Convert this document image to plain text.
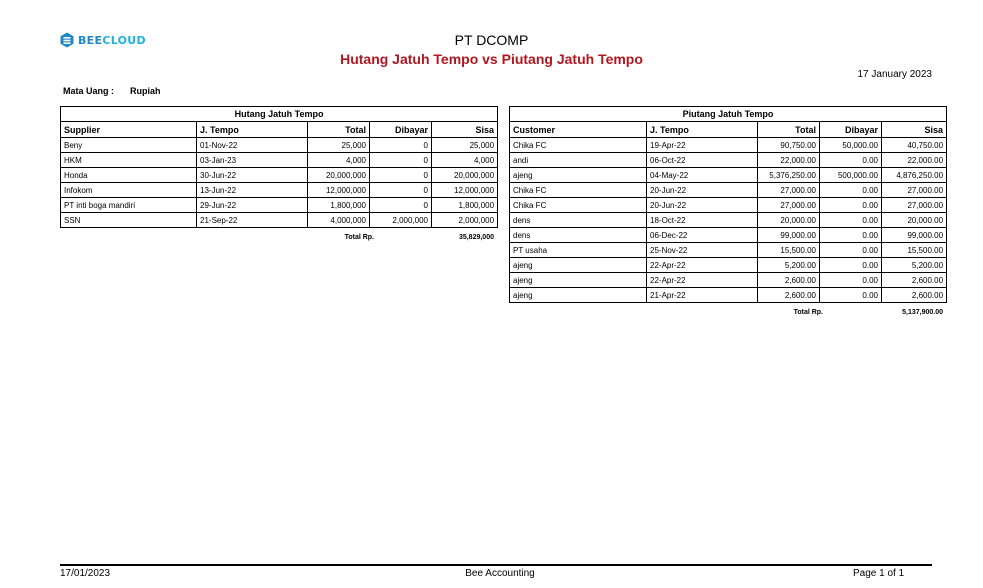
BEECLOUD	PT DCOMP
Hutang Jatuh Tempo vs Piutang Jatuh Tempo
17 January 2023
Mata Uang :	Rupiah
Hutang Jatuh Tempo				
Supplier	J. Tempo	Total	Dibayar	Sisa
Beny	01-Nov-22	25,000	0	25,000
HKM	03-Jan-23	4,000	0	4,000
Honda	30-Jun-22	20,000,000	0	20,000,000
Infokom	13-Jun-22	12,000,000	0	12,000,000
PT inti boga mandiri	29-Jun-22	1,800,000	0	1,800,000
SSN	21-Sep-22	4,000,000	2,000,000	2,000,000
Total Rp.	35,829,000
Piutang Jatuh Tempo				
Customer	J. Tempo	Total	Dibayar	Sisa
Chika FC	19-Apr-22	90,750.00	50,000.00	40,750.00
andi	06-Oct-22	22,000.00	0.00	22,000.00
ajeng	04-May-22	5,376,250.00	500,000.00	4,876,250.00
Chika FC	20-Jun-22	27,000.00	0.00	27,000.00
Chika FC	20-Jun-22	27,000.00	0.00	27,000.00
dens	18-Oct-22	20,000.00	0.00	20,000.00
dens	06-Dec-22	99,000.00	0.00	99,000.00
PT usaha	25-Nov-22	15,500.00	0.00	15,500.00
ajeng	22-Apr-22	5,200.00	0.00	5,200.00
ajeng	22-Apr-22	2,600.00	0.00	2,600.00
ajeng	21-Apr-22	2,600.00	0.00	2,600.00
Total Rp.	5,137,900.00
17/01/2023	Bee Accounting	Page 1 of 1
